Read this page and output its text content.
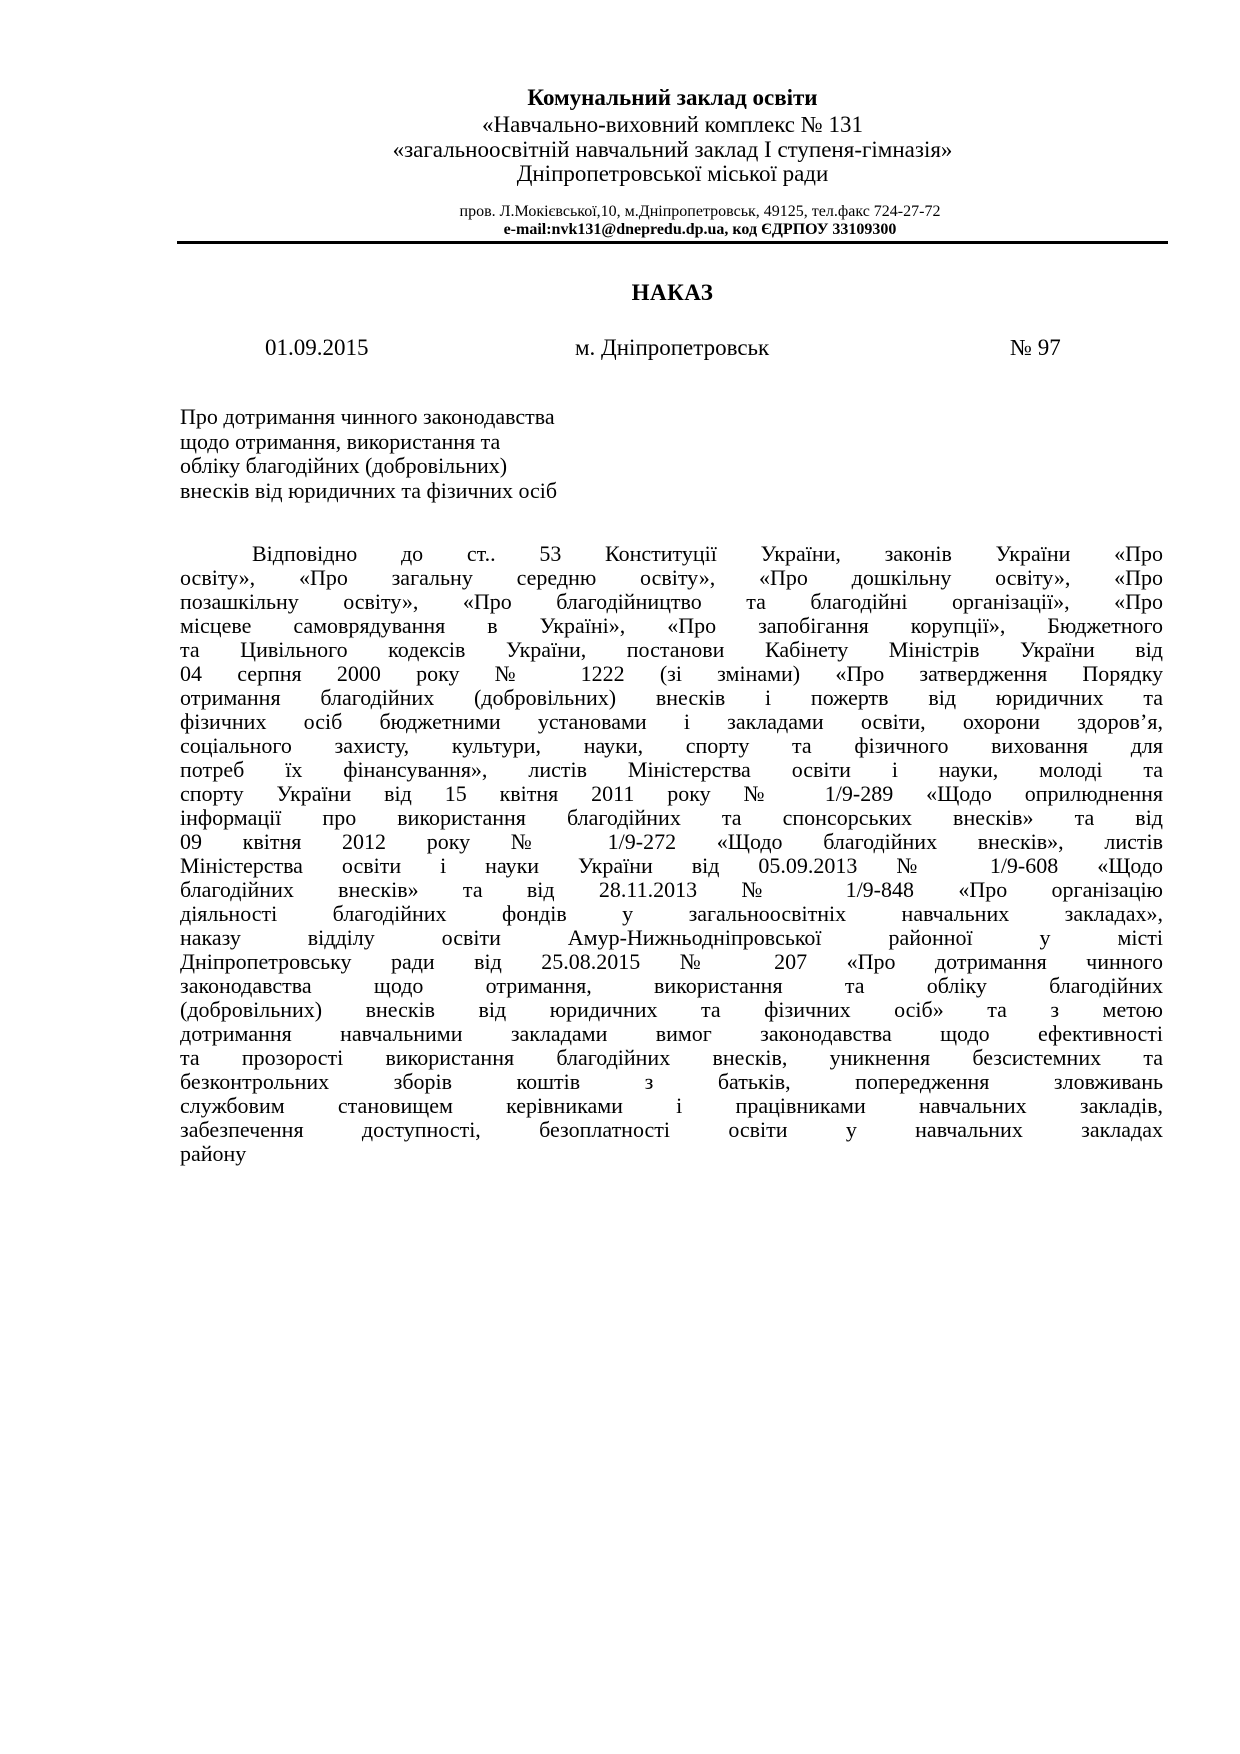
Комунальний заклад освіти
«Навчально-виховний комплекс № 131
«загальноосвітній навчальний заклад І ступеня-гімназія»
Дніпропетровської міської ради
пров. Л.Мокієвської,10, м.Дніпропетровськ, 49125, тел.факс 724-27-72
e-mail:nvk131@dnepredu.dp.ua, код ЄДРПОУ 33109300
НАКАЗ
01.09.2015	м. Дніпропетровськ	№ 97
Про дотримання чинного законодавства
щодо отримання, використання та
обліку благодійних (добровільних)
внесків від юридичних та фізичних осіб
Відповідно до ст.. 53 Конституції України, законів України «Про
освіту», «Про загальну середню освіту», «Про дошкільну освіту», «Про
позашкільну освіту», «Про благодійництво та благодійні організації», «Про
місцеве самоврядування в Україні», «Про запобігання корупції», Бюджетного
та Цивільного кодексів України, постанови Кабінету Міністрів України від
04 серпня 2000 року № 1222 (зі змінами) «Про затвердження Порядку
отримання благодійних (добровільних) внесків і пожертв від юридичних та
фізичних осіб бюджетними установами і закладами освіти, охорони здоров’я,
соціального захисту, культури, науки, спорту та фізичного виховання для
потреб їх фінансування», листів Міністерства освіти і науки, молоді та
спорту України від 15 квітня 2011 року № 1/9-289 «Щодо оприлюднення
інформації про використання благодійних та спонсорських внесків» та від
09 квітня 2012 року № 1/9-272 «Щодо благодійних внесків», листів
Міністерства освіти і науки України від 05.09.2013 № 1/9-608 «Щодо
благодійних внесків» та від 28.11.2013 № 1/9-848 «Про організацію
діяльності благодійних фондів у загальноосвітніх навчальних закладах»,
наказу відділу освіти Амур-Нижньодніпровської районної у місті
Дніпропетровську ради від 25.08.2015 № 207 «Про дотримання чинного
законодавства щодо отримання, використання та обліку благодійних
(добровільних) внесків від юридичних та фізичних осіб» та з метою
дотримання навчальними закладами вимог законодавства щодо ефективності
та прозорості використання благодійних внесків, уникнення безсистемних та
безконтрольних зборів коштів з батьків, попередження зловживань
службовим становищем керівниками і працівниками навчальних закладів,
забезпечення доступності, безоплатності освіти у навчальних закладах
району
